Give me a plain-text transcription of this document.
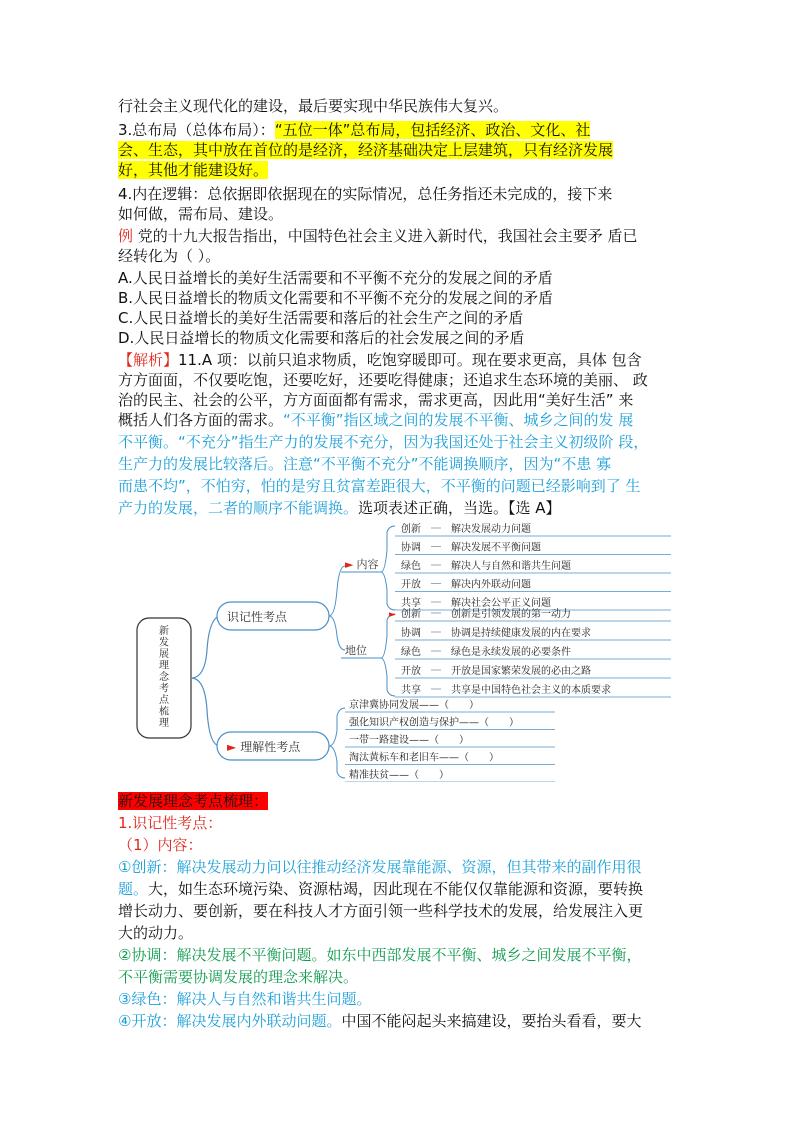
行社会主义现代化的建设，最后要实现中华民族伟大复兴。
3.总布局（总体布局）：“五位一体”总布局，包括经济、政治、文化、社
会、生态，其中放在首位的是经济，经济基础决定上层建筑，只有经济发展
好，其他才能建设好。
4.内在逻辑：总依据即依据现在的实际情况，总任务指还未完成的，接下来
如何做，需布局、建设。
例 党的十九大报告指出，中国特色社会主义进入新时代，我国社会主要矛 盾已
经转化为（ ）。
A.人民日益增长的美好生活需要和不平衡不充分的发展之间的矛盾
B.人民日益增长的物质文化需要和不平衡不充分的发展之间的矛盾
C.人民日益增长的美好生活需要和落后的社会生产之间的矛盾
D.人民日益增长的物质文化需要和落后的社会发展之间的矛盾
【解析】11.A 项：以前只追求物质，吃饱穿暖即可。现在要求更高，具体 包含
方方面面，不仅要吃饱，还要吃好，还要吃得健康；还追求生态环境的美丽、 政
治的民主、社会的公平，方方面面都有需求，需求更高，因此用“美好生活” 来
概括人们各方面的需求。“不平衡”指区域之间的发展不平衡、城乡之间的发 展
不平衡。“不充分”指生产力的发展不充分，因为我国还处于社会主义初级阶 段，
生产力的发展比较落后。注意“不平衡不充分”不能调换顺序，因为“不患 寡
而患不均”，不怕穷，怕的是穷且贫富差距很大，不平衡的问题已经影响到了 生
产力的发展，二者的顺序不能调换。选项表述正确，当选。【选 A】
新发展理念考点梳理
识记性考点
► 理解性考点
► 内容
地位
创新	解决发展动力问题
协调	解决发展不平衡问题
绿色	解决人与自然和谐共生问题
开放	解决内外联动问题
共享	解决社会公平正义问题
► 创新	创新是引领发展的第一动力
协调	协调是持续健康发展的内在要求
绿色	绿色是永续发展的必要条件
开放	开放是国家繁荣发展的必由之路
共享	共享是中国特色社会主义的本质要求
京津冀协同发展——（　　）
强化知识产权创造与保护——（　　）
一带一路建设——（　　）
淘汰黄标车和老旧车——（　　）
精准扶贫——（　　）
新发展理念考点梳理：
1.识记性考点：
（1）内容：
①创新：解决发展动力问以往推动经济发展靠能源、资源，但其带来的副作用很
题。大，如生态环境污染、资源枯竭，因此现在不能仅仅靠能源和资源，要转换
增长动力、要创新，要在科技人才方面引领一些科学技术的发展，给发展注入更
大的动力。
②协调：解决发展不平衡问题。如东中西部发展不平衡、城乡之间发展不平衡，
不平衡需要协调发展的理念来解决。
③绿色：解决人与自然和谐共生问题。
④开放：解决发展内外联动问题。中国不能闷起头来搞建设，要抬头看看，要大
